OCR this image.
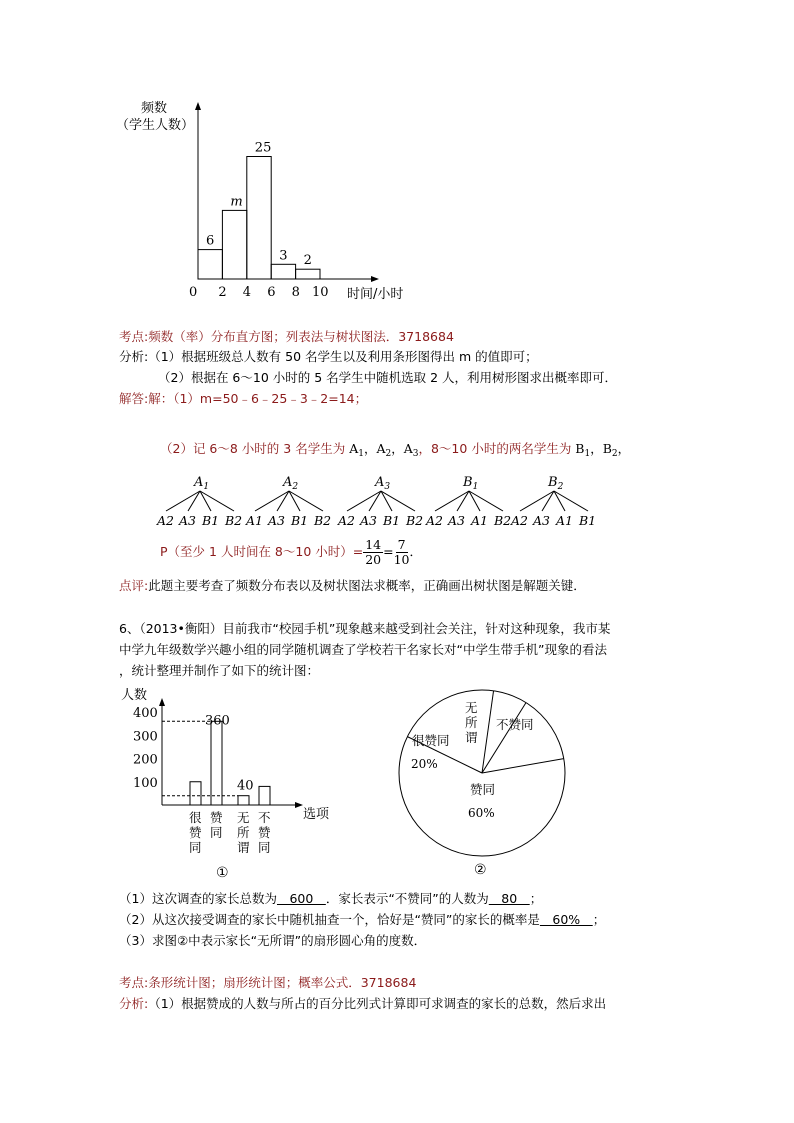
频数
（学生人数）
6
m
25
3 2
0 2 4 6 8 10 时间/小时
考点:频数（率）分布直方图；列表法与树状图法．3718684
分析:（1）根据班级总人数有 50 名学生以及利用条形图得出 m 的值即可；
（2）根据在 6～10 小时的 5 名学生中随机选取 2 人，利用树形图求出概率即可．
解答:解：（1）m=50﹣6﹣25﹣3﹣2=14；
（2）记 6～8 小时的 3 名学生为 $A_1$，$A_2$，$A_3$，8～10 小时的两名学生为 $B_1$，$B_2$，
$A_1$
A2 A3 B1 B2
$A_2$
A1 A3 B1 B2
$A_3$
A2 A3 B1 B2
$B_1$
A2 A3 A1 B2
$B_2$
A2 A3 A1 B1
P（至少 1 人时间在 8～10 小时）= $\frac{14}{20} = \frac{7}{10}$ ．
点评:此题主要考查了频数分布表以及树状图法求概率，正确画出树状图是解题关键．
6、（2013•衡阳）目前我市“校园手机”现象越来越受到社会关注，针对这种现象，我市某
中学九年级数学兴趣小组的同学随机调查了学校若干名家长对“中学生带手机”现象的看法
，统计整理并制作了如下的统计图：
人数
400
300
200
100
360
40
很
赞
同
赞
同
无
所
谓
不
赞
同
选项
①
很赞同
20%
不赞同
赞同
60%
无
所
谓
②
（1）这次调查的家长总数为　600　．家长表示“不赞同”的人数为　80　；
（2）从这次接受调查的家长中随机抽查一个，恰好是“赞同”的家长的概率是　60%　；
（3）求图②中表示家长“无所谓”的扇形圆心角的度数．
考点:条形统计图；扇形统计图；概率公式．3718684
分析:（1）根据赞成的人数与所占的百分比列式计算即可求调查的家长的总数，然后求出
